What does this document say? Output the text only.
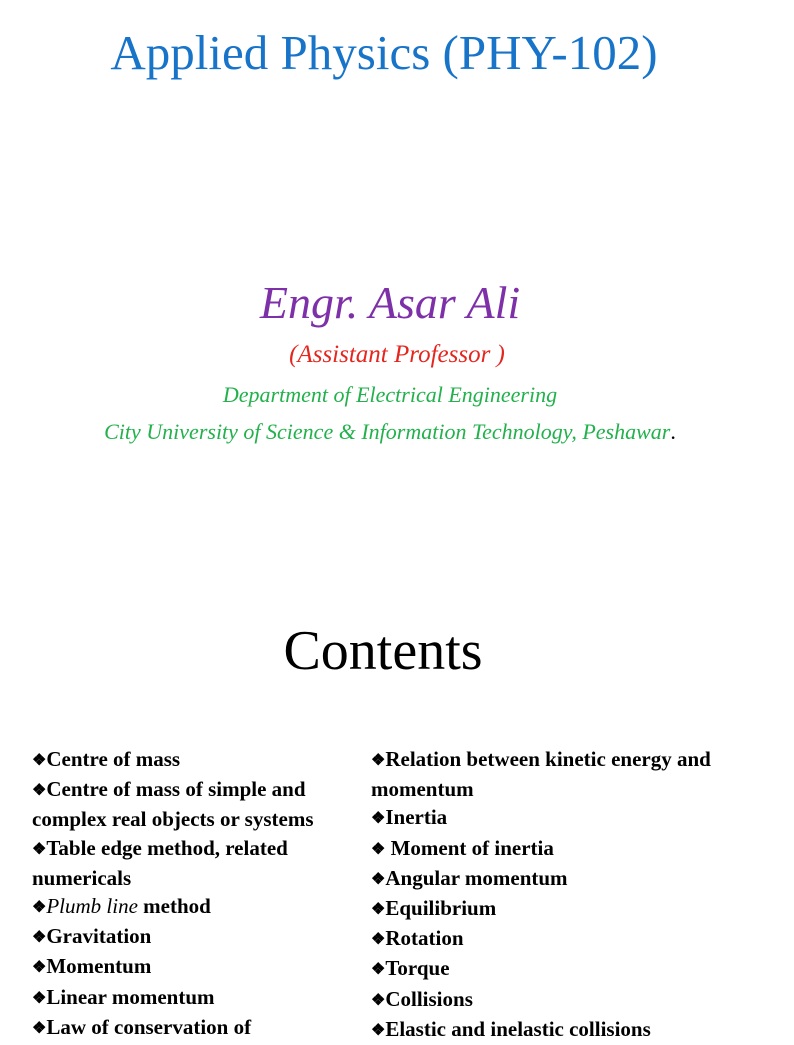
Applied Physics (PHY-102)
Engr. Asar Ali
(Assistant Professor )
Department of Electrical Engineering
City University of Science & Information Technology, Peshawar.
Contents
❖Centre of mass
❖Centre of mass of simple and complex real objects or systems
❖Table edge method, related numericals
❖Plumb line method
❖Gravitation
❖Momentum
❖Linear momentum
❖Law of conservation of
❖Relation between kinetic energy and momentum
❖Inertia
❖ Moment of inertia
❖Angular momentum
❖Equilibrium
❖Rotation
❖Torque
❖Collisions
❖Elastic and inelastic collisions
